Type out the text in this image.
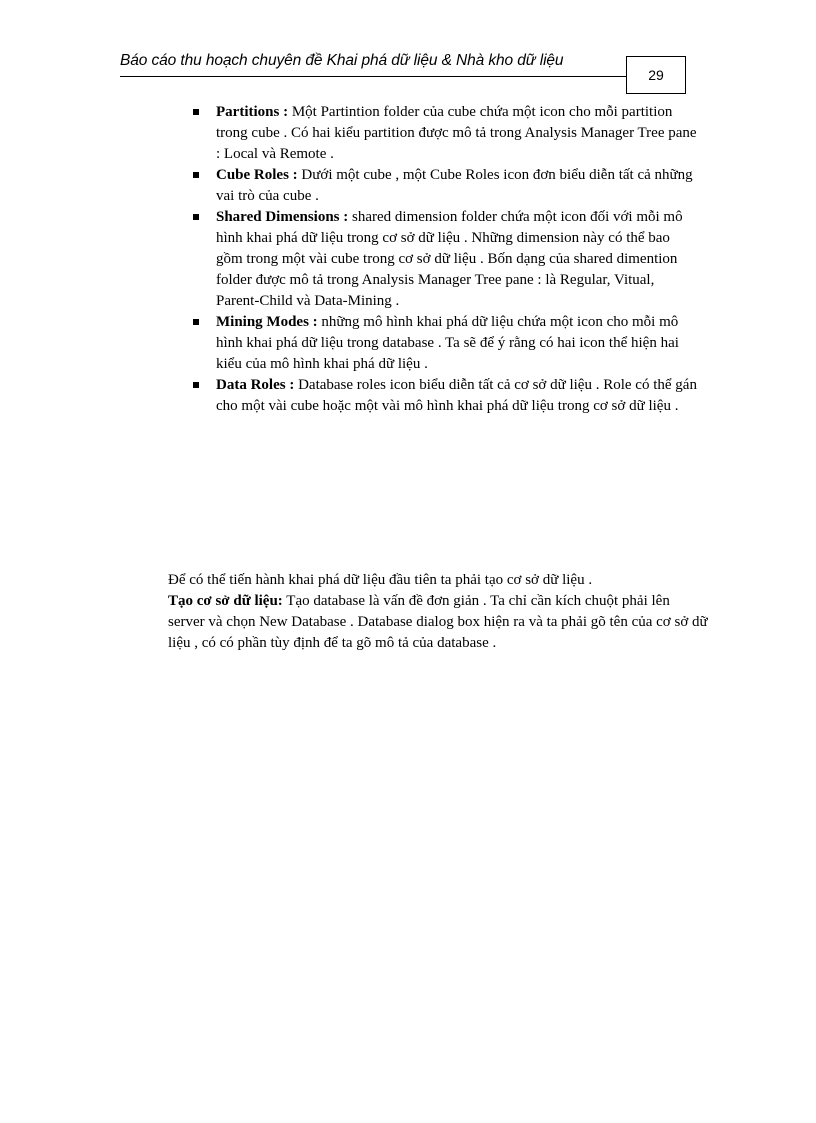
Báo cáo thu hoạch chuyên đề Khai phá dữ liệu & Nhà kho dữ liệu
29
Partitions : Một Partintion folder của cube chứa một icon cho mỗi partition trong cube . Có hai kiểu partition được mô tả trong Analysis Manager Tree pane : Local và Remote .
Cube Roles : Dưới một cube , một Cube Roles icon đơn biểu diễn tất cả những vai trò của cube .
Shared Dimensions : shared dimension folder chứa một icon đối với mỗi mô hình khai phá dữ liệu trong cơ sở dữ liệu . Những dimension này có thể bao gồm trong một vài cube trong cơ sở dữ liệu . Bốn dạng của shared dimention folder được mô tả trong Analysis Manager Tree pane : là Regular, Vitual, Parent-Child và Data-Mining .
Mining Modes : những mô hình khai phá dữ liệu chứa một icon cho mỗi mô hình khai phá dữ liệu trong database . Ta sẽ để ý rằng có hai icon thể hiện hai kiểu của mô hình khai phá dữ liệu .
Data Roles : Database roles icon biểu diễn tất cả cơ sở dữ liệu . Role có thể gán cho một vài cube hoặc một vài mô hình khai phá dữ liệu trong cơ sở dữ liệu .

Để có thể tiến hành khai phá dữ liệu đầu tiên ta phải tạo cơ sở dữ liệu .

Tạo cơ sở dữ liệu: Tạo database là vấn đề đơn giản . Ta chỉ cần kích chuột phải lên server và chọn New Database . Database dialog box hiện ra và ta phải gõ tên của cơ sở dữ liệu , có có phần tùy định để ta gõ mô tả của database .
